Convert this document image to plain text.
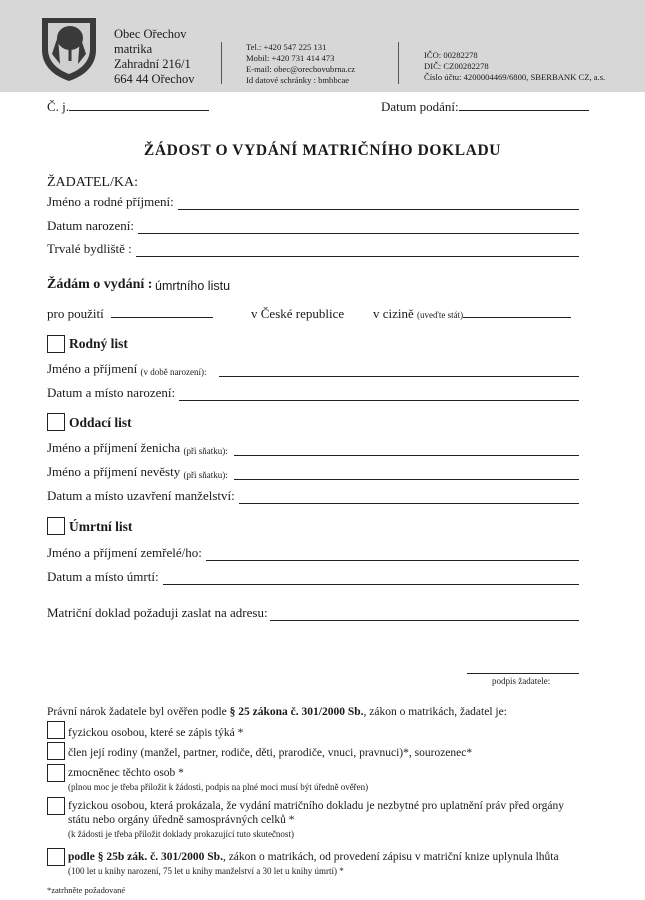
Obec Ořechov
matrika
Zahradní 216/1
664 44 Ořechov
Tel.: +420 547 225 131
Mobil: +420 731 414 473
E-mail: obec@orechovubrna.cz
Id datové schránky : bmbbcae
IČO: 00282278
DIČ: CZ00282278
Číslo účtu: 4200004469/6800, SBERBANK CZ, a.s.
Č. j.	Datum podání:
ŽÁDOST O VYDÁNÍ MATRIČNÍHO DOKLADU
ŽADATEL/KA:
Jméno a rodné příjmení:
Datum narození:
Trvalé bydliště :
Žádám o vydání : úmrtního listu
pro použití	v České republice v cizině (uveďte stát)
Rodný list
Jméno a příjmení
(v době narození):
Datum a místo narození:
Oddací list
Jméno a příjmení ženicha
(při sňatku):
Jméno a příjmení nevěsty
(při sňatku):
Datum a místo uzavření manželství:
Úmrtní list
Jméno a příjmení zemřelé/ho:
Datum a místo úmrtí:
Matriční doklad požaduji zaslat na adresu:
podpis žadatele:
Právní nárok žadatele byl ověřen podle § 25 zákona č. 301/2000 Sb., zákon o matrikách, žadatel je:
fyzickou osobou, které se zápis týká *
člen její rodiny (manžel, partner, rodiče, děti, prarodiče, vnuci, pravnuci)*, sourozenec*
zmocněnec těchto osob *
(plnou moc je třeba přiložit k žádosti, podpis na plné moci musí být úředně ověřen)
fyzickou osobou, která prokázala, že vydání matričního dokladu je nezbytné pro uplatnění práv před orgány
státu nebo orgány úředně samosprávných celků *
(k žádosti je třeba přiložit doklady prokazující tuto skutečnost)
podle § 25b zák. č. 301/2000 Sb., zákon o matrikách, od provedení zápisu v matriční knize uplynula lhůta
(100 let u knihy narození, 75 let u knihy manželství a 30 let u knihy úmrtí) *
*zatrhněte požadované
